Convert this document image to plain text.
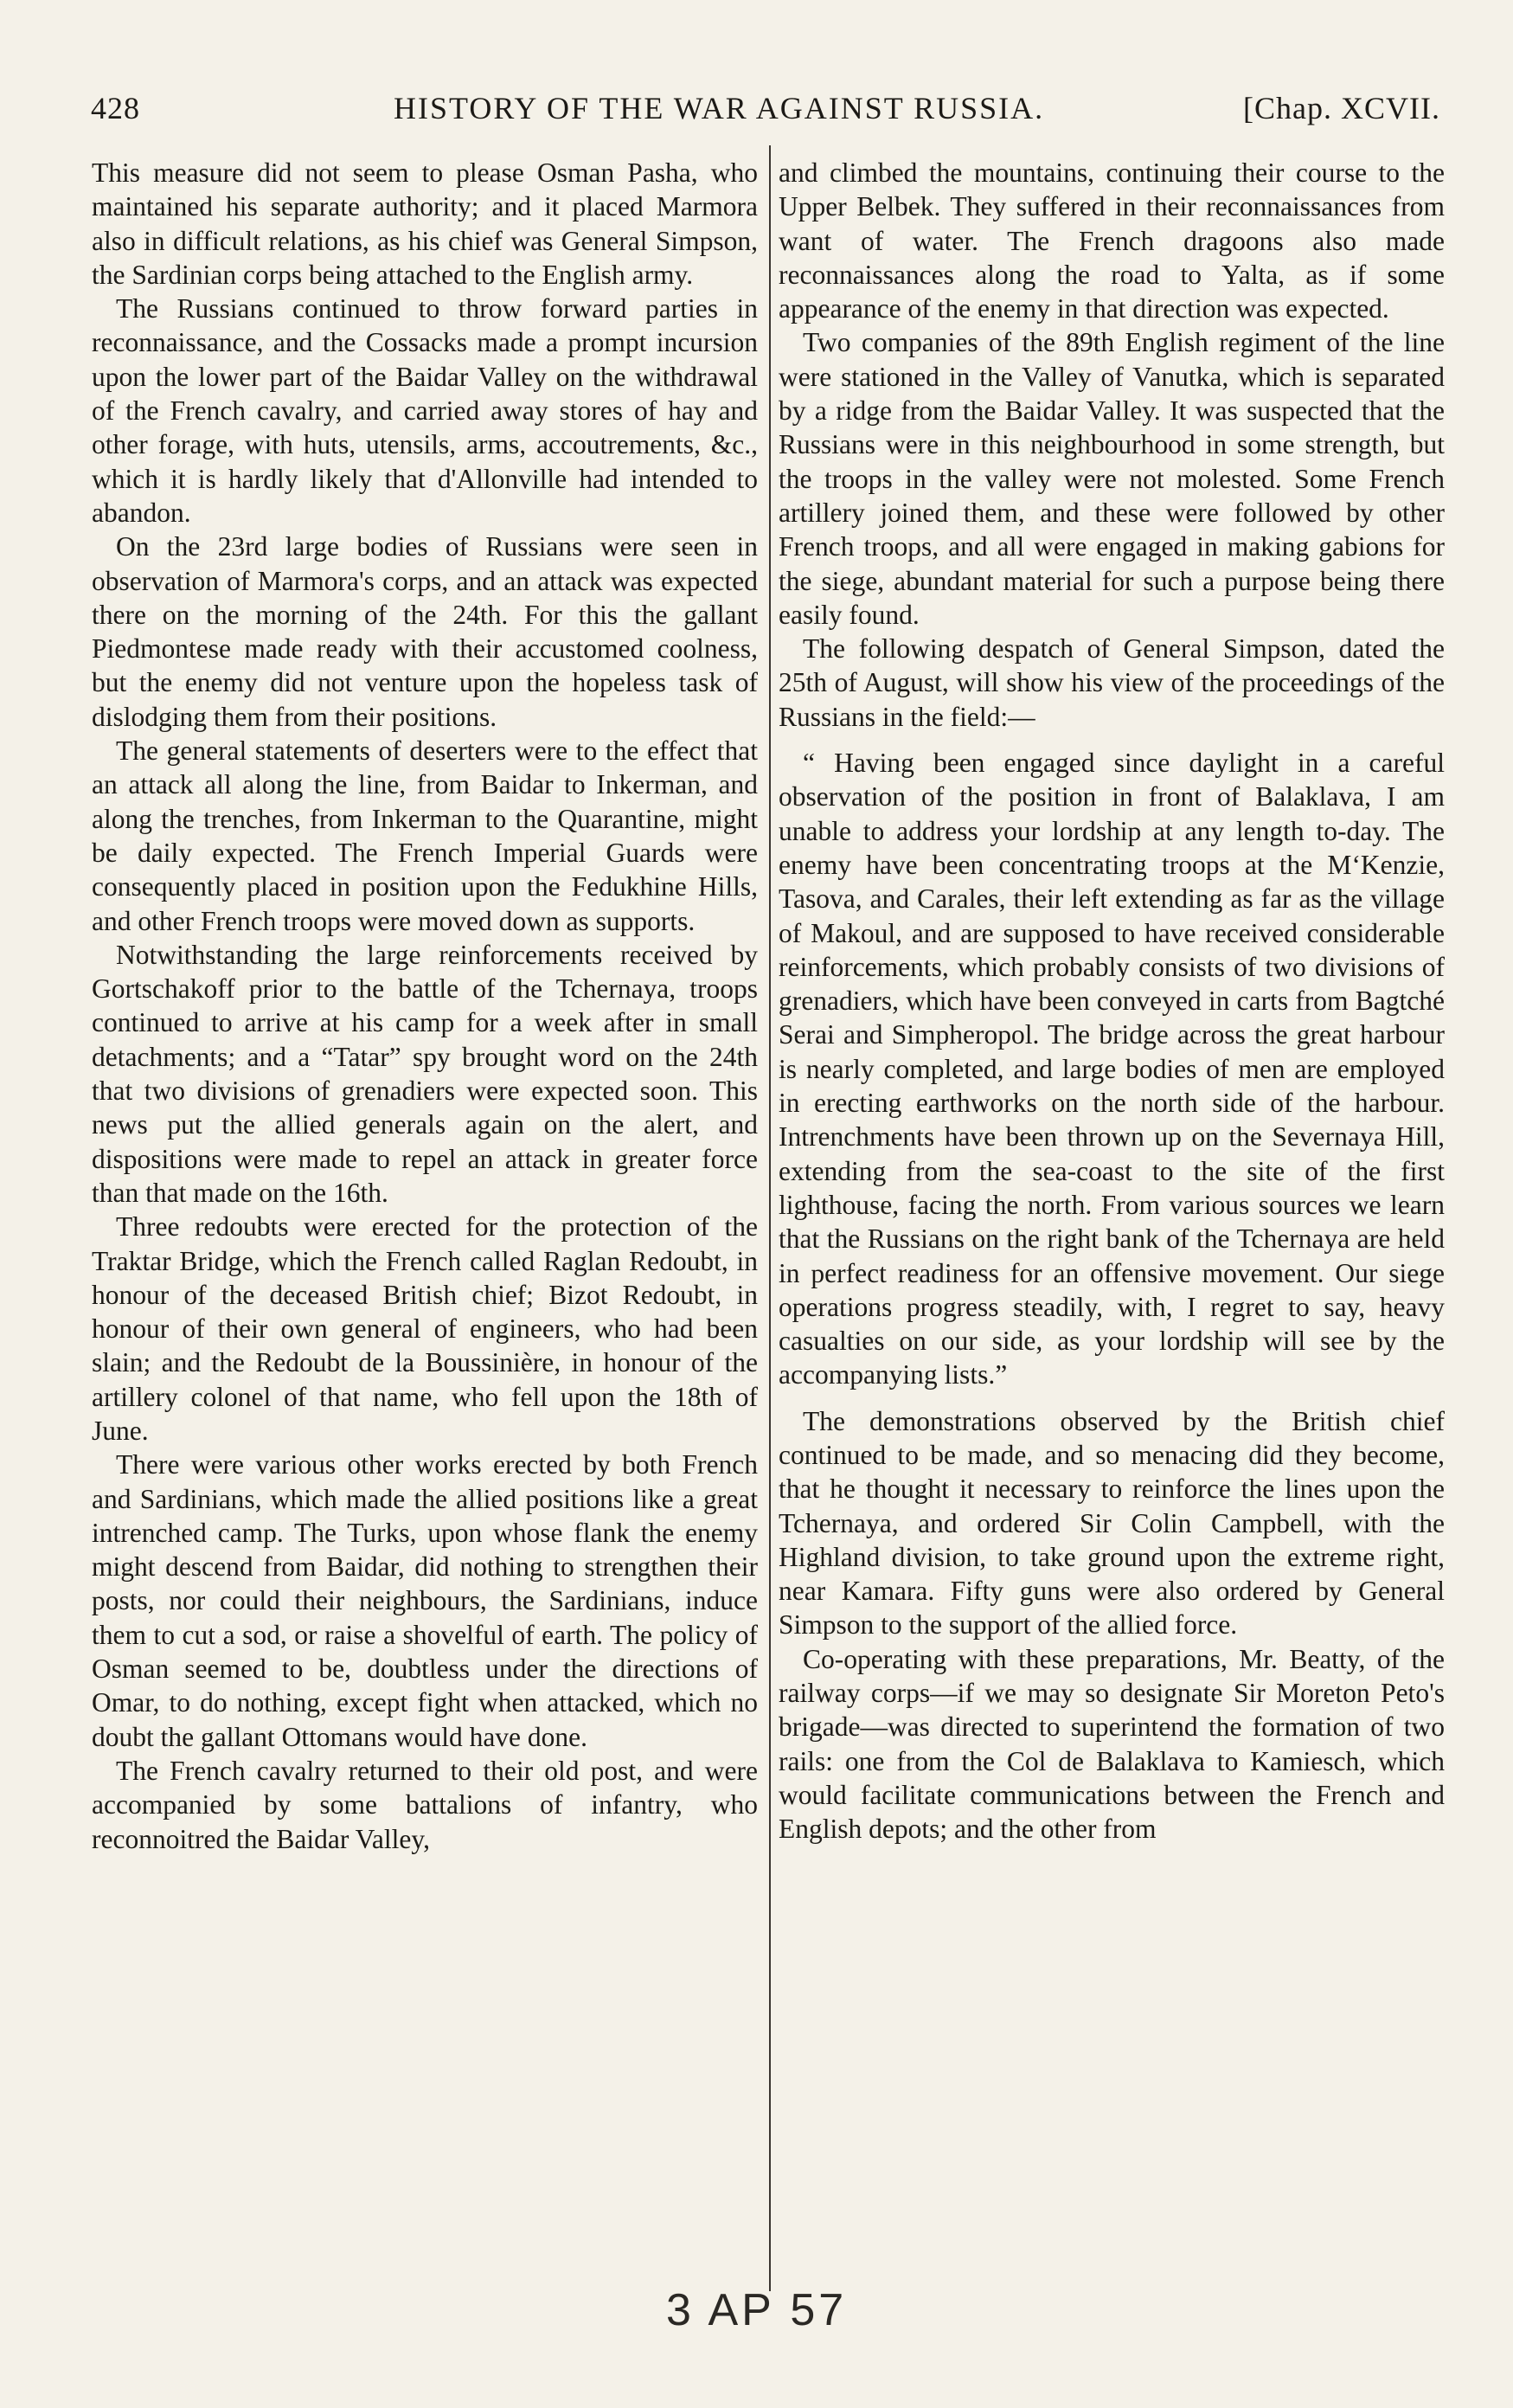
428	HISTORY OF THE WAR AGAINST RUSSIA.	[Chap. XCVII.

This measure did not seem to please Osman Pasha, who maintained his separate authority; and it placed Marmora also in difficult relations, as his chief was General Simpson, the Sardinian corps being attached to the English army.

The Russians continued to throw forward parties in reconnaissance, and the Cossacks made a prompt incursion upon the lower part of the Baidar Valley on the withdrawal of the French cavalry, and carried away stores of hay and other forage, with huts, utensils, arms, accoutrements, &c., which it is hardly likely that d'Allonville had intended to abandon.

On the 23rd large bodies of Russians were seen in observation of Marmora's corps, and an attack was expected there on the morning of the 24th. For this the gallant Piedmontese made ready with their accustomed coolness, but the enemy did not venture upon the hopeless task of dislodging them from their positions.

The general statements of deserters were to the effect that an attack all along the line, from Baidar to Inkerman, and along the trenches, from Inkerman to the Quarantine, might be daily expected. The French Imperial Guards were consequently placed in position upon the Fedukhine Hills, and other French troops were moved down as supports.

Notwithstanding the large reinforcements received by Gortschakoff prior to the battle of the Tchernaya, troops continued to arrive at his camp for a week after in small detachments; and a “Tatar” spy brought word on the 24th that two divisions of grenadiers were expected soon. This news put the allied generals again on the alert, and dispositions were made to repel an attack in greater force than that made on the 16th.

Three redoubts were erected for the protection of the Traktar Bridge, which the French called Raglan Redoubt, in honour of the deceased British chief; Bizot Redoubt, in honour of their own general of engineers, who had been slain; and the Redoubt de la Boussinière, in honour of the artillery colonel of that name, who fell upon the 18th of June.

There were various other works erected by both French and Sardinians, which made the allied positions like a great intrenched camp. The Turks, upon whose flank the enemy might descend from Baidar, did nothing to strengthen their posts, nor could their neighbours, the Sardinians, induce them to cut a sod, or raise a shovelful of earth. The policy of Osman seemed to be, doubtless under the directions of Omar, to do nothing, except fight when attacked, which no doubt the gallant Ottomans would have done.

The French cavalry returned to their old post, and were accompanied by some battalions of infantry, who reconnoitred the Baidar Valley,

and climbed the mountains, continuing their course to the Upper Belbek. They suffered in their reconnaissances from want of water. The French dragoons also made reconnaissances along the road to Yalta, as if some appearance of the enemy in that direction was expected.

Two companies of the 89th English regiment of the line were stationed in the Valley of Vanutka, which is separated by a ridge from the Baidar Valley. It was suspected that the Russians were in this neighbourhood in some strength, but the troops in the valley were not molested. Some French artillery joined them, and these were followed by other French troops, and all were engaged in making gabions for the siege, abundant material for such a purpose being there easily found.

The following despatch of General Simpson, dated the 25th of August, will show his view of the proceedings of the Russians in the field:—

“ Having been engaged since daylight in a careful observation of the position in front of Balaklava, I am unable to address your lordship at any length to-day. The enemy have been concentrating troops at the M‘Kenzie, Tasova, and Carales, their left extending as far as the village of Makoul, and are supposed to have received considerable reinforcements, which probably consists of two divisions of grenadiers, which have been conveyed in carts from Bagtché Serai and Simpheropol. The bridge across the great harbour is nearly completed, and large bodies of men are employed in erecting earthworks on the north side of the harbour. Intrenchments have been thrown up on the Severnaya Hill, extending from the sea-coast to the site of the first lighthouse, facing the north. From various sources we learn that the Russians on the right bank of the Tchernaya are held in perfect readiness for an offensive movement. Our siege operations progress steadily, with, I regret to say, heavy casualties on our side, as your lordship will see by the accompanying lists.”

The demonstrations observed by the British chief continued to be made, and so menacing did they become, that he thought it necessary to reinforce the lines upon the Tchernaya, and ordered Sir Colin Campbell, with the Highland division, to take ground upon the extreme right, near Kamara. Fifty guns were also ordered by General Simpson to the support of the allied force.

Co-operating with these preparations, Mr. Beatty, of the railway corps—if we may so designate Sir Moreton Peto's brigade—was directed to superintend the formation of two rails: one from the Col de Balaklava to Kamiesch, which would facilitate communications between the French and English depots; and the other from

3 AP 57
